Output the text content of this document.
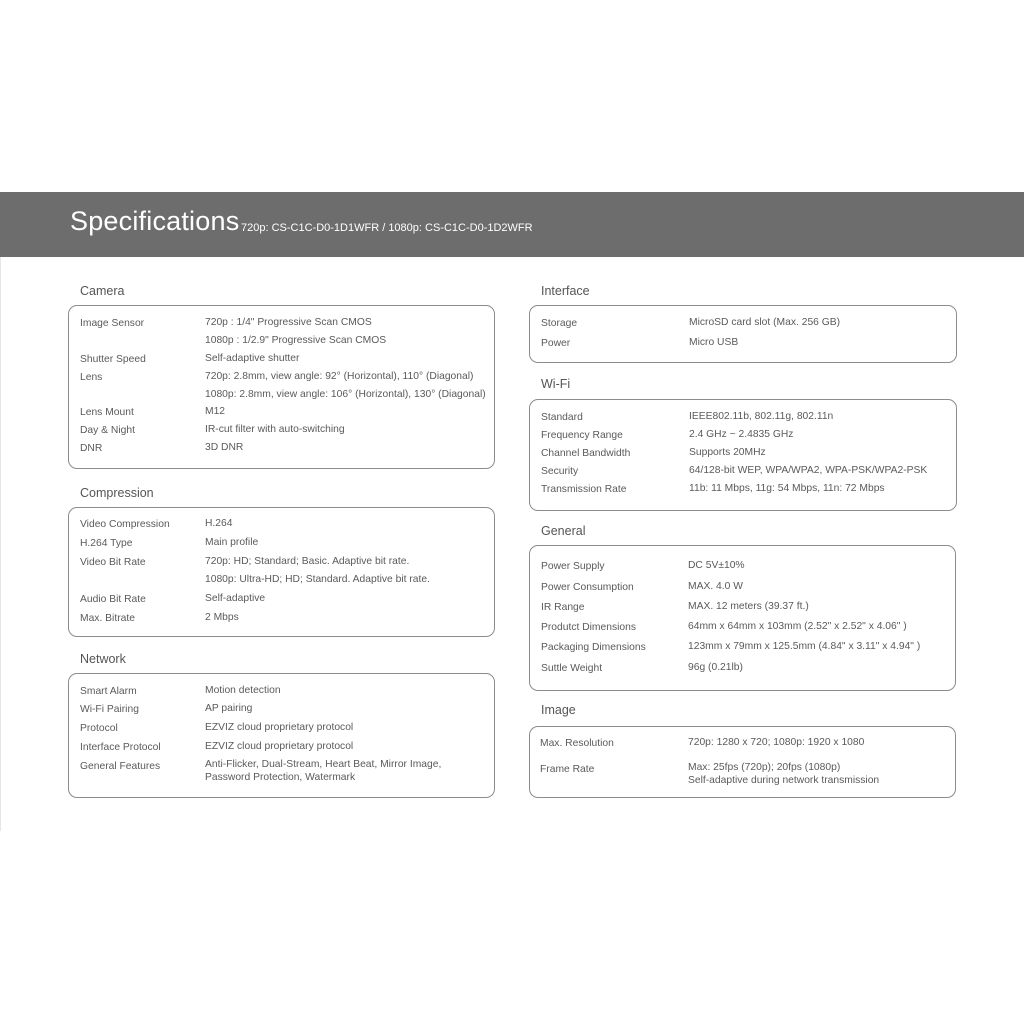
Specifications 720p: CS-C1C-D0-1D1WFR / 1080p: CS-C1C-D0-1D2WFR
Camera
Compression
Network
Interface
Wi-Fi
General
Image
Image Sensor	720p : 1/4" Progressive Scan CMOS
1080p : 1/2.9" Progressive Scan CMOS
Shutter Speed	Self-adaptive shutter
Lens	720p: 2.8mm, view angle: 92° (Horizontal), 110° (Diagonal)
1080p: 2.8mm, view angle: 106° (Horizontal), 130° (Diagonal)
Lens Mount	M12
Day & Night	IR-cut filter with auto-switching
DNR	3D DNR
Video Compression	H.264
H.264 Type	Main profile
Video Bit Rate	720p: HD; Standard; Basic. Adaptive bit rate.
1080p: Ultra-HD; HD; Standard. Adaptive bit rate.
Audio Bit Rate	Self-adaptive
Max. Bitrate	2 Mbps
Smart Alarm	Motion detection
Wi-Fi Pairing	AP pairing
Protocol	EZVIZ cloud proprietary protocol
Interface Protocol	EZVIZ cloud proprietary protocol
General Features	Anti-Flicker, Dual-Stream, Heart Beat, Mirror Image, Password Protection, Watermark
Storage	MicroSD card slot (Max. 256 GB)
Power	Micro USB
Standard	IEEE802.11b, 802.11g, 802.11n
Frequency Range	2.4 GHz ~ 2.4835 GHz
Channel Bandwidth	Supports 20MHz
Security	64/128-bit WEP, WPA/WPA2, WPA-PSK/WPA2-PSK
Transmission Rate	11b: 11 Mbps, 11g: 54 Mbps, 11n: 72 Mbps
Power Supply	DC 5V±10%
Power Consumption	MAX. 4.0 W
IR Range	MAX. 12 meters (39.37 ft.)
Produtct Dimensions	64mm x 64mm x 103mm (2.52" x 2.52" x 4.06" )
Packaging Dimensions	123mm x 79mm x 125.5mm (4.84" x 3.11" x 4.94" )
Suttle Weight	96g (0.21lb)
Max. Resolution	720p: 1280 x 720; 1080p: 1920 x 1080
Frame Rate	Max: 25fps (720p); 20fps (1080p)
Self-adaptive during network transmission
